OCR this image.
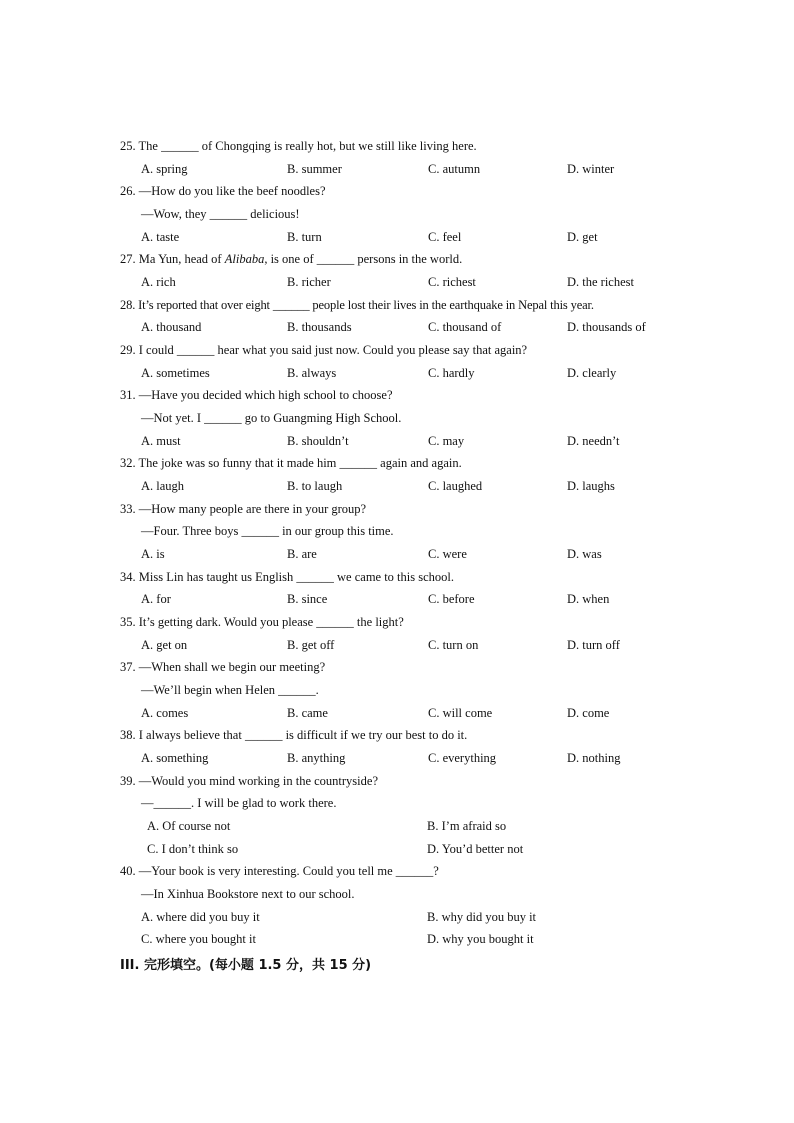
25. The ______ of Chongqing is really hot, but we still like living here.
A. spring	B. summer	C. autumn	D. winter
26. —How do you like the beef noodles?
—Wow, they ______ delicious!
A. taste	B. turn	C. feel	D. get
27. Ma Yun, head of Alibaba, is one of ______ persons in the world.
A. rich	B. richer	C. richest	D. the richest
28. It’s reported that over eight ______ people lost their lives in the earthquake in Nepal this year.
A. thousand	B. thousands	C. thousand of	D. thousands of
29. I could ______ hear what you said just now. Could you please say that again?
A. sometimes	B. always	C. hardly	D. clearly
31. —Have you decided which high school to choose?
—Not yet. I ______ go to Guangming High School.
A. must	B. shouldn’t	C. may	D. needn’t
32. The joke was so funny that it made him ______ again and again.
A. laugh	B. to laugh	C. laughed	D. laughs
33. —How many people are there in your group?
—Four. Three boys ______ in our group this time.
A. is	B. are	C. were	D. was
34. Miss Lin has taught us English ______ we came to this school.
A. for	B. since	C. before	D. when
35. It’s getting dark. Would you please ______ the light?
A. get on	B. get off	C. turn on	D. turn off
37. —When shall we begin our meeting?
—We’ll begin when Helen ______.
A. comes	B. came	C. will come	D. come
38. I always believe that ______ is difficult if we try our best to do it.
A. something	B. anything	C. everything	D. nothing
39. —Would you mind working in the countryside?
—______. I will be glad to work there.
A. Of course not	B. I’m afraid so
C. I don’t think so	D. You’d better not
40. —Your book is very interesting. Could you tell me ______?
—In Xinhua Bookstore next to our school.
A. where did you buy it	B. why did you buy it
C. where you bought it	D. why you bought it
III. 完形填空。(每小题 1.5 分，共 15 分)
